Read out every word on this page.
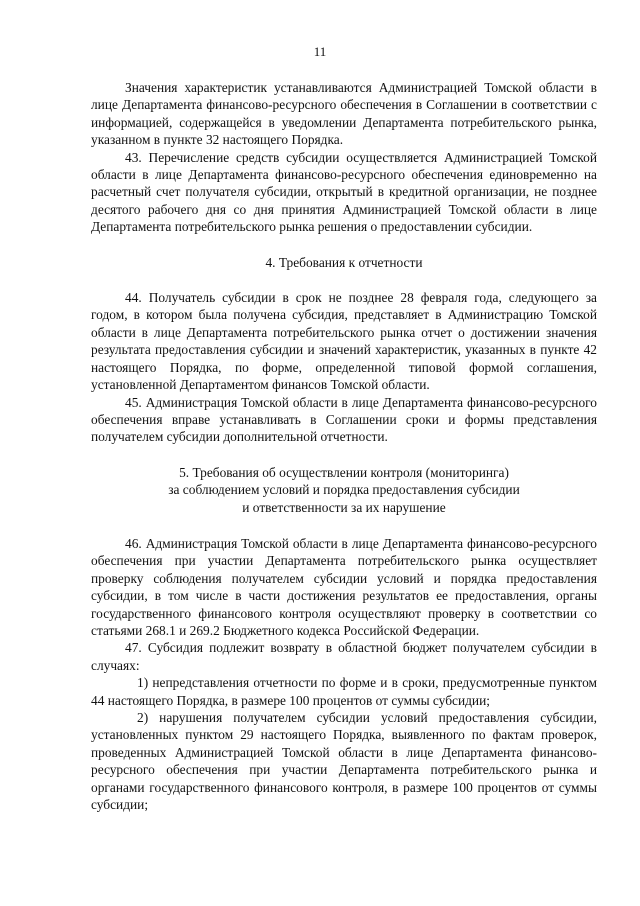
11

Значения характеристик устанавливаются Администрацией Томской области в лице Департамента финансово-ресурсного обеспечения в Соглашении в соответствии с информацией, содержащейся в уведомлении Департамента потребительского рынка, указанном в пункте 32 настоящего Порядка.

43. Перечисление средств субсидии осуществляется Администрацией Томской области в лице Департамента финансово-ресурсного обеспечения единовременно на расчетный счет получателя субсидии, открытый в кредитной организации, не позднее десятого рабочего дня со дня принятия Администрацией Томской области в лице Департамента потребительского рынка решения о предоставлении субсидии.

4. Требования к отчетности

44. Получатель субсидии в срок не позднее 28 февраля года, следующего за годом, в котором была получена субсидия, представляет в Администрацию Томской области в лице Департамента потребительского рынка отчет о достижении значения результата предоставления субсидии и значений характеристик, указанных в пункте 42 настоящего Порядка, по форме, определенной типовой формой соглашения, установленной Департаментом финансов Томской области.

45. Администрация Томской области в лице Департамента финансово-ресурсного обеспечения вправе устанавливать в Соглашении сроки и формы представления получателем субсидии дополнительной отчетности.

5. Требования об осуществлении контроля (мониторинга)
за соблюдением условий и порядка предоставления субсидии
и ответственности за их нарушение

46. Администрация Томской области в лице Департамента финансово-ресурсного обеспечения при участии Департамента потребительского рынка осуществляет проверку соблюдения получателем субсидии условий и порядка предоставления субсидии, в том числе в части достижения результатов ее предоставления, органы государственного финансового контроля осуществляют проверку в соответствии со статьями 268.1 и 269.2 Бюджетного кодекса Российской Федерации.

47. Субсидия подлежит возврату в областной бюджет получателем субсидии в случаях:

1) непредставления отчетности по форме и в сроки, предусмотренные пунктом 44 настоящего Порядка, в размере 100 процентов от суммы субсидии;

2) нарушения получателем субсидии условий предоставления субсидии, установленных пунктом 29 настоящего Порядка, выявленного по фактам проверок, проведенных Администрацией Томской области в лице Департамента финансово-ресурсного обеспечения при участии Департамента потребительского рынка и органами государственного финансового контроля, в размере 100 процентов от суммы субсидии;
